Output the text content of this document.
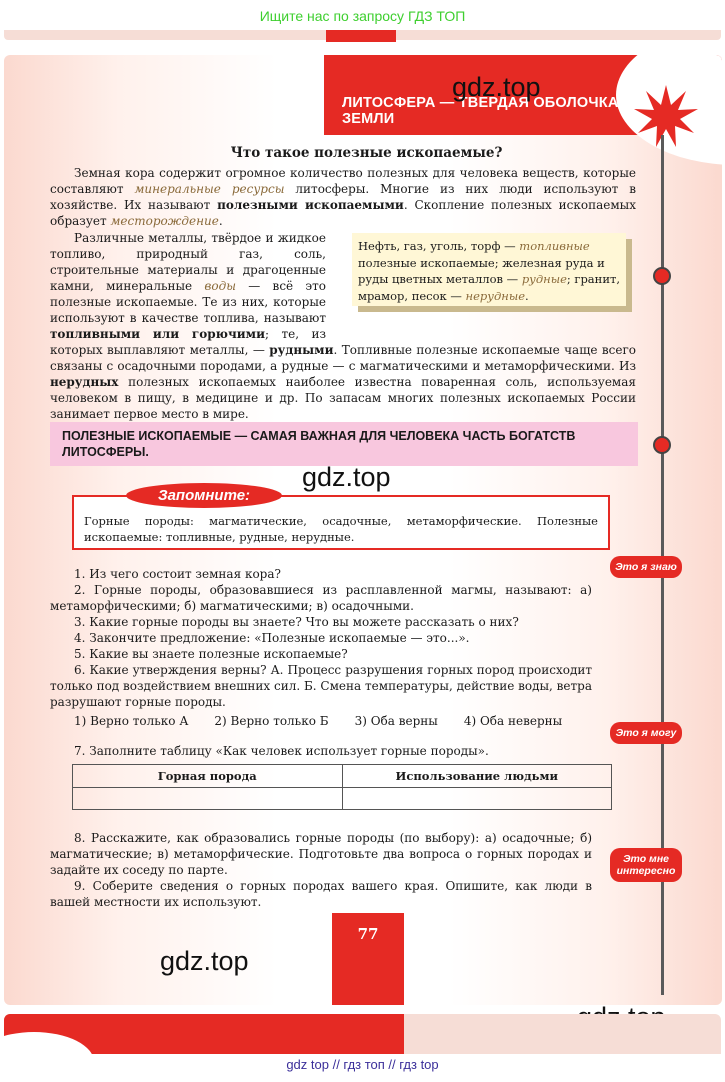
Ищите нас по запросу ГДЗ ТОП
ЛИТОСФЕРА — ТВЕРДАЯ ОБОЛОЧКА ЗЕМЛИ
Что такое полезные ископаемые?
Земная кора содержит огромное количество полезных для человека веществ, которые составляют минеральные ресурсы литосферы. Многие из них люди используют в хозяйстве. Их называют полезными ископаемыми. Скопление полезных ископаемых образует месторождение.
Нефть, газ, уголь, торф — топливные полезные ископаемые; железная руда и руды цветных металлов — рудные; гранит, мрамор, песок — нерудные.
Различные металлы, твёрдое и жидкое топливо, природный газ, соль, строительные материалы и драгоценные камни, минеральные воды — всё это полезные ископаемые. Те из них, которые используют в качестве топлива, называют топливными или горючими; те, из которых выплавляют металлы, — рудными. Топливные полезные ископаемые чаще всего связаны с осадочными породами, а рудные — с магматическими и метаморфическими. Из нерудных полезных ископаемых наиболее известна поваренная соль, используемая человеком в пищу, в медицине и др. По запасам многих полезных ископаемых России занимает первое место в мире.
ПОЛЕЗНЫЕ ИСКОПАЕМЫЕ — САМАЯ ВАЖНАЯ ДЛЯ ЧЕЛОВЕКА ЧАСТЬ БОГАТСТВ ЛИТОСФЕРЫ.
Горные породы: магматические, осадочные, метаморфические. Полезные ископаемые: топливные, рудные, нерудные.
Запомните:
Это я знаю
Это я могу
Это мне интересно
1. Из чего состоит земная кора?
2. Горные породы, образовавшиеся из расплавленной магмы, называют: а) метаморфическими; б) магматическими; в) осадочными.
3. Какие горные породы вы знаете? Что вы можете рассказать о них?
4. Закончите предложение: «Полезные ископаемые — это...».
5. Какие вы знаете полезные ископаемые?
6. Какие утверждения верны? А. Процесс разрушения горных пород происходит только под воздействием внешних сил. Б. Смена температуры, действие воды, ветра разрушают горные породы.
1) Верно только А 2) Верно только Б 3) Оба верны 4) Оба неверны
7. Заполните таблицу «Как человек использует горные породы».
Горная порода	Использование людьми

8. Расскажите, как образовались горные породы (по выбору): а) осадочные; б) магматические; в) метаморфические. Подготовьте два вопроса о горных породах и задайте их соседу по парте.
9. Соберите сведения о горных породах вашего края. Опишите, как люди в вашей местности их используют.
77
gdz.top
gdz.top
gdz.top
gdz top // гдз топ // гдз top
